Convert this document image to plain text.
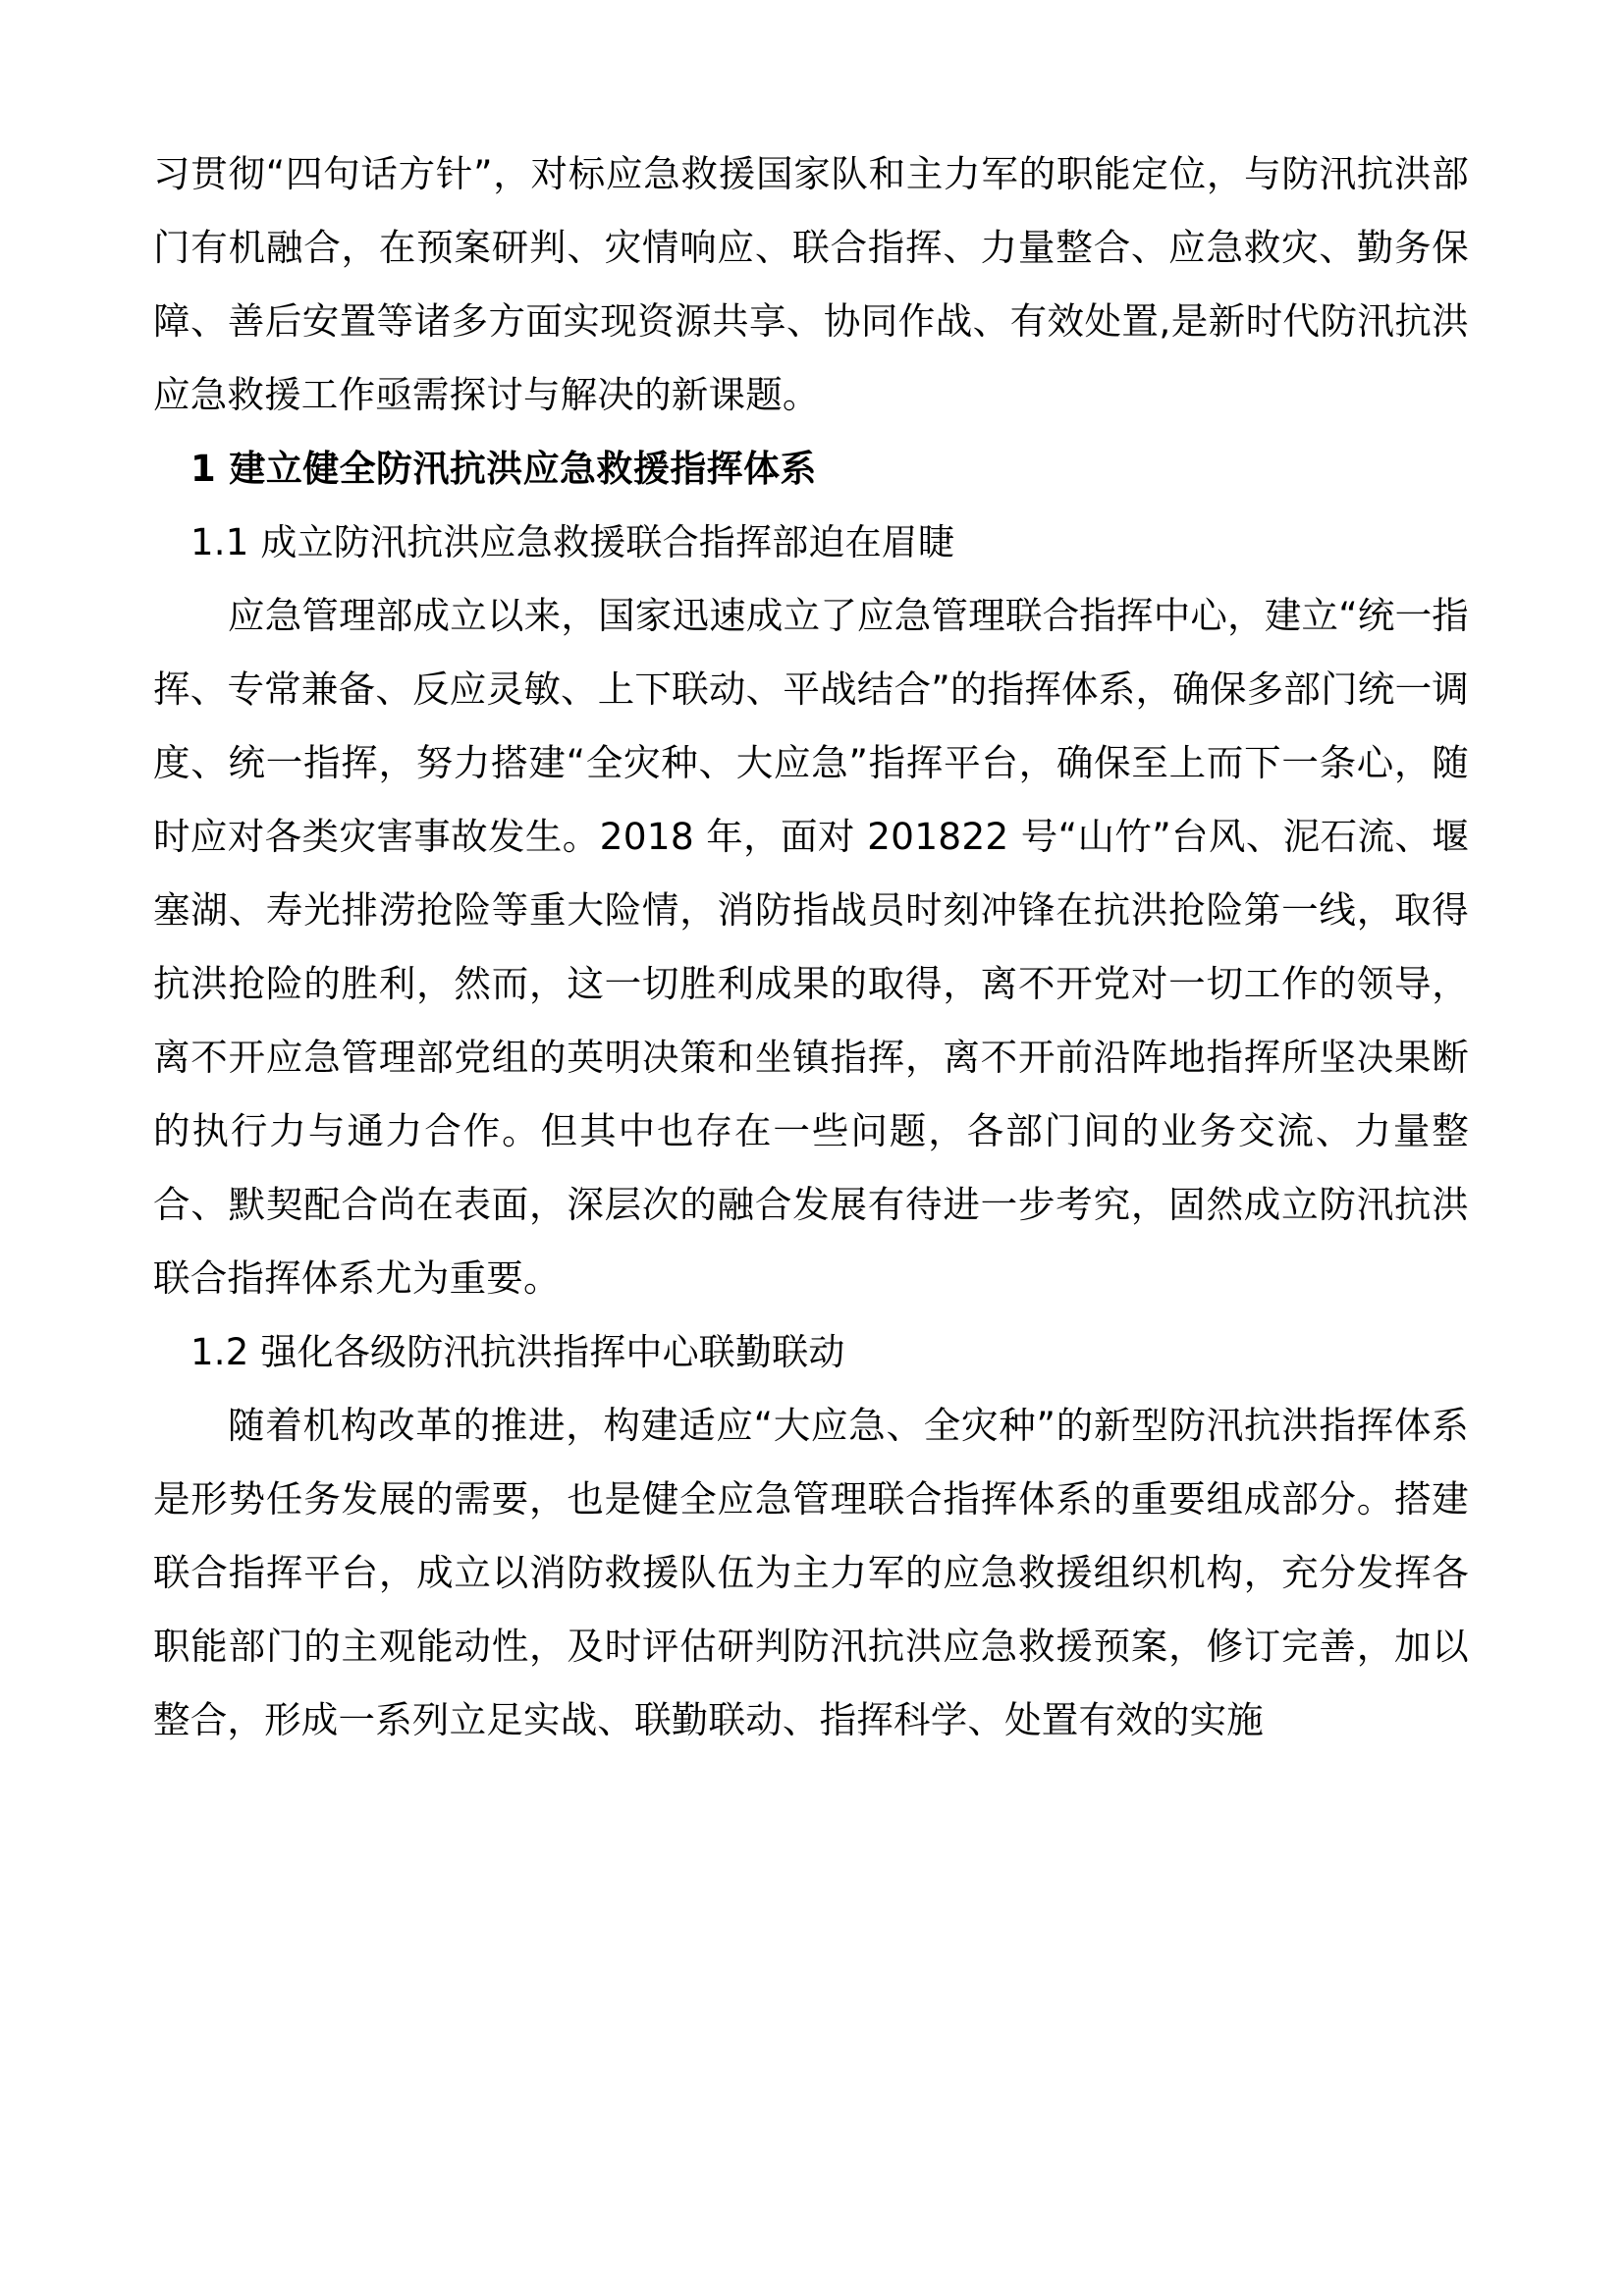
习贯彻“四句话方针”，对标应急救援国家队和主力军的职能定位，与防汛抗洪部门有机融合，在预案研判、灾情响应、联合指挥、力量整合、应急救灾、勤务保障、善后安置等诸多方面实现资源共享、协同作战、有效处置,是新时代防汛抗洪应急救援工作亟需探讨与解决的新课题。

1 建立健全防汛抗洪应急救援指挥体系
1.1 成立防汛抗洪应急救援联合指挥部迫在眉睫

应急管理部成立以来，国家迅速成立了应急管理联合指挥中心，建立“统一指挥、专常兼备、反应灵敏、上下联动、平战结合”的指挥体系，确保多部门统一调度、统一指挥，努力搭建“全灾种、大应急”指挥平台，确保至上而下一条心，随时应对各类灾害事故发生。2018 年，面对 201822 号“山竹”台风、泥石流、堰塞湖、寿光排涝抢险等重大险情，消防指战员时刻冲锋在抗洪抢险第一线，取得抗洪抢险的胜利，然而，这一切胜利成果的取得，离不开党对一切工作的领导，离不开应急管理部党组的英明决策和坐镇指挥，离不开前沿阵地指挥所坚决果断的执行力与通力合作。但其中也存在一些问题，各部门间的业务交流、力量整合、默契配合尚在表面，深层次的融合发展有待进一步考究，固然成立防汛抗洪联合指挥体系尤为重要。

1.2 强化各级防汛抗洪指挥中心联勤联动

随着机构改革的推进，构建适应“大应急、全灾种”的新型防汛抗洪指挥体系是形势任务发展的需要，也是健全应急管理联合指挥体系的重要组成部分。搭建联合指挥平台，成立以消防救援队伍为主力军的应急救援组织机构，充分发挥各职能部门的主观能动性，及时评估研判防汛抗洪应急救援预案，修订完善，加以整合，形成一系列立足实战、联勤联动、指挥科学、处置有效的实施
